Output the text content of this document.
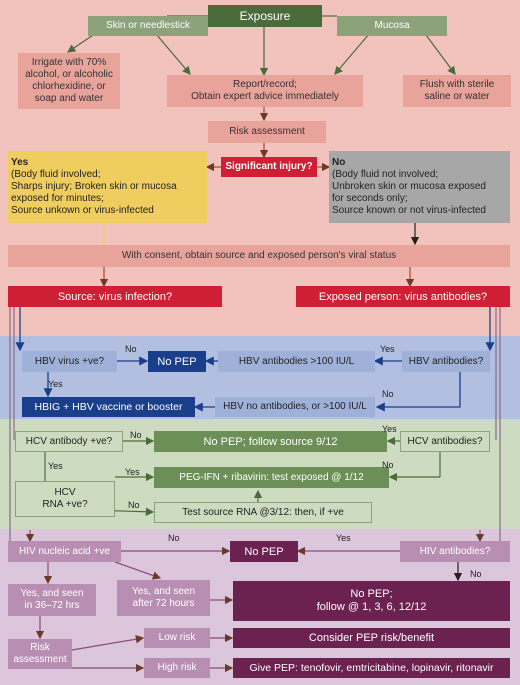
Exposure
Skin or needlestick	Mucosa
Irrigate with 70%
alcohol, or alcoholic
chlorhexidine, or
soap and water
Report/record;
Obtain expert advice immediately
Flush with sterile
saline or water
Risk assessment
Significant injury?
Yes
(Body fluid involved;
Sharps injury; Broken skin or mucosa
exposed for minutes;
Source unkown or virus-infected
No
(Body fluid not involved;
Unbroken skin or mucosa exposed
for seconds only;
Source known or not virus-infected
With consent, obtain source and exposed person's viral status
Source: virus infection?	Exposed person: virus antibodies?
HBV virus +ve?	No PEP	HBV antibodies >100 IU/L	HBV antibodies?
HBIG + HBV vaccine or booster	HBV no antibodies, or >100 IU/L
No	Yes
Yes
No
HCV antibody +ve?	No PEP; follow source 9/12	HCV antibodies?
PEG-IFN + ribavirin: test exposed @ 1/12
HCV
RNA +ve?
Test source RNA @3/12: then, if +ve
No
Yes
Yes
Yes
No
No
HIV nucleic acid +ve	No PEP	HIV antibodies?
Yes, and seen
in 36–72 hrs
Yes, and seen
after 72 hours
No PEP;
follow @ 1, 3, 6, 12/12
Risk
assessment
Low risk
High risk
Consider PEP risk/benefit
Give PEP: tenofovir, emtricitabine, lopinavir, ritonavir
No	Yes
No
